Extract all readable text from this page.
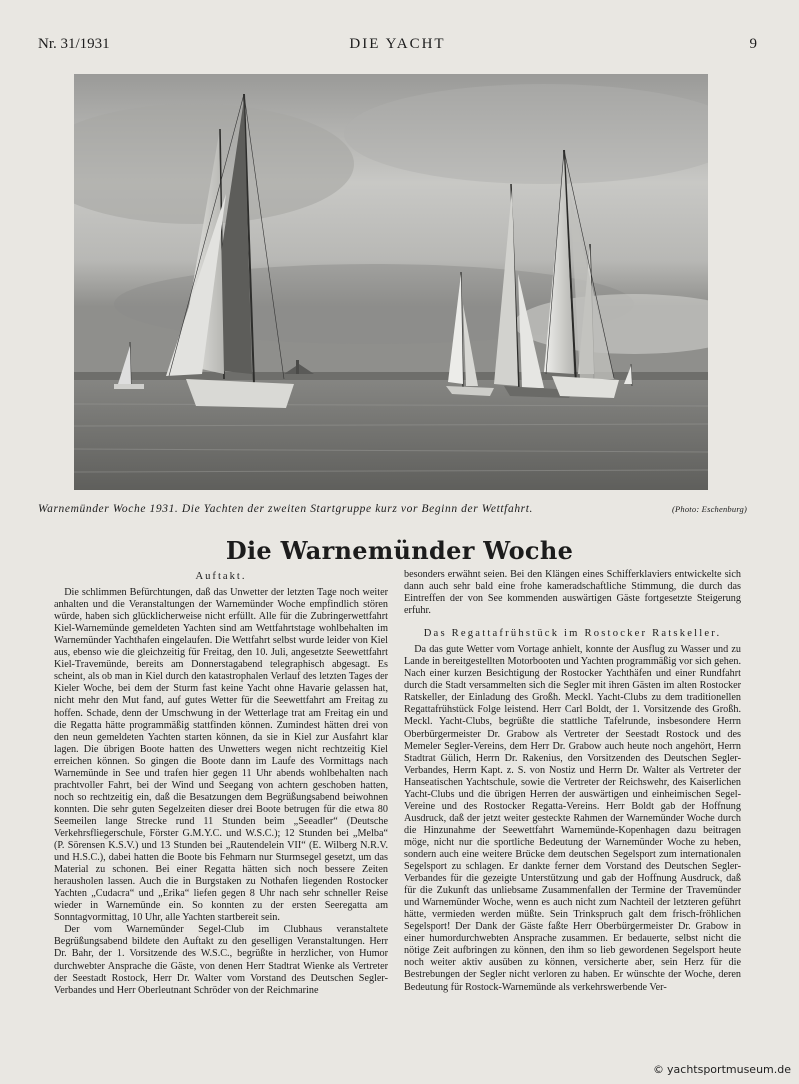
Nr. 31/1931	DIE YACHT	9
Warnemünder Woche 1931. Die Yachten der zweiten Startgruppe kurz vor Beginn der Wettfahrt.	(Photo: Eschenburg)
Die Warnemünder Woche
Auftakt.

Die schlimmen Befürchtungen, daß das Unwetter der letzten Tage noch weiter anhalten und die Veranstaltungen der Warnemünder Woche empfindlich stören würde, haben sich glücklicherweise nicht erfüllt. Alle für die Zubringerwettfahrt Kiel-Warnemünde gemeldeten Yachten sind am Wettfahrtstage wohlbehalten im Warnemünder Yachthafen eingelaufen. Die Wettfahrt selbst wurde leider von Kiel aus, ebenso wie die gleichzeitig für Freitag, den 10. Juli, angesetzte Seewettfahrt Kiel-Travemünde, bereits am Donnerstagabend telegraphisch abgesagt. Es scheint, als ob man in Kiel durch den katastrophalen Verlauf des letzten Tages der Kieler Woche, bei dem der Sturm fast keine Yacht ohne Havarie gelassen hat, nicht mehr den Mut fand, auf gutes Wetter für die Seewettfahrt am Freitag zu hoffen. Schade, denn der Umschwung in der Wetterlage trat am Freitag ein und die Regatta hätte programmäßig stattfinden können. Zumindest hätten drei von den neun gemeldeten Yachten starten können, da sie in Kiel zur Ausfahrt klar lagen. Die übrigen Boote hatten des Unwetters wegen nicht rechtzeitig Kiel erreichen können. So gingen die Boote dann im Laufe des Vormittags nach Warnemünde in See und trafen hier gegen 11 Uhr abends wohlbehalten nach prachtvoller Fahrt, bei der Wind und Seegang von achtern geschoben hatten, noch so rechtzeitig ein, daß die Besatzungen dem Begrüßungsabend beiwohnen konnten. Die sehr guten Segelzeiten dieser drei Boote betrugen für die etwa 80 Seemeilen lange Strecke rund 11 Stunden beim „Seeadler“ (Deutsche Verkehrsfliegerschule, Förster G.M.Y.C. und W.S.C.); 12 Stunden bei „Melba“ (P. Sörensen K.S.V.) und 13 Stunden bei „Rautendelein VII“ (E. Wilberg N.R.V. und H.S.C.), dabei hatten die Boote bis Fehmarn nur Sturmsegel gesetzt, um das Material zu schonen. Bei einer Regatta hätten sich noch bessere Zeiten herausholen lassen. Auch die in Burgstaken zu Nothafen liegenden Rostocker Yachten „Cudacra“ und „Erika“ liefen gegen 8 Uhr nach sehr schneller Reise wieder in Warnemünde ein. So konnten zu der ersten Seeregatta am Sonntagvormittag, 10 Uhr, alle Yachten startbereit sein.

Der vom Warnemünder Segel-Club im Clubhaus veranstaltete Begrüßungsabend bildete den Auftakt zu den geselligen Veranstaltungen. Herr Dr. Bahr, der 1. Vorsitzende des W.S.C., begrüßte in herzlicher, von Humor durchwebter Ansprache die Gäste, von denen Herr Stadtrat Wienke als Vertreter der Seestadt Rostock, Herr Dr. Walter vom Vorstand des Deutschen Segler-Verbandes und Herr Oberleutnant Schröder von der Reichmarine

besonders erwähnt seien. Bei den Klängen eines Schifferklaviers entwickelte sich dann auch sehr bald eine frohe kameradschaftliche Stimmung, die durch das Eintreffen der von See kommenden auswärtigen Gäste fortgesetzte Steigerung erfuhr.

Das Regattafrühstück im Rostocker Ratskeller.

Da das gute Wetter vom Vortage anhielt, konnte der Ausflug zu Wasser und zu Lande in bereitgestellten Motorbooten und Yachten programmäßig vor sich gehen. Nach einer kurzen Besichtigung der Rostocker Yachthäfen und einer Rundfahrt durch die Stadt versammelten sich die Segler mit ihren Gästen im alten Rostocker Ratskeller, der Einladung des Großh. Meckl. Yacht-Clubs zu dem traditionellen Regattafrühstück Folge leistend. Herr Carl Boldt, der 1. Vorsitzende des Großh. Meckl. Yacht-Clubs, begrüßte die stattliche Tafelrunde, insbesondere Herrn Oberbürgermeister Dr. Grabow als Vertreter der Seestadt Rostock und des Memeler Segler-Vereins, dem Herr Dr. Grabow auch heute noch angehört, Herrn Stadtrat Gülich, Herrn Dr. Rakenius, den Vorsitzenden des Deutschen Segler-Verbandes, Herrn Kapt. z. S. von Nostiz und Herrn Dr. Walter als Vertreter der Hanseatischen Yachtschule, sowie die Vertreter der Reichswehr, des Kaiserlichen Yacht-Clubs und die übrigen Herren der auswärtigen und einheimischen Segel-Vereine und des Rostocker Regatta-Vereins. Herr Boldt gab der Hoffnung Ausdruck, daß der jetzt weiter gesteckte Rahmen der Warnemünder Woche durch die Hinzunahme der Seewettfahrt Warnemünde-Kopenhagen dazu beitragen möge, nicht nur die sportliche Bedeutung der Warnemünder Woche zu heben, sondern auch eine weitere Brücke dem deutschen Segelsport zum internationalen Segelsport zu schlagen. Er dankte ferner dem Vorstand des Deutschen Segler-Verbandes für die gezeigte Unterstützung und gab der Hoffnung Ausdruck, daß für die Zukunft das unliebsame Zusammenfallen der Termine der Travemünder und Warnemünder Woche, wenn es auch nicht zum Nachteil der letzteren geführt hätte, vermieden werden müßte. Sein Trinkspruch galt dem frisch-fröhlichen Segelsport! Der Dank der Gäste faßte Herr Oberbürgermeister Dr. Grabow in einer humordurchwebten Ansprache zusammen. Er bedauerte, selbst nicht die nötige Zeit aufbringen zu können, den ihm so lieb gewordenen Segelsport heute noch weiter aktiv ausüben zu können, versicherte aber, sein Herz für die Bestrebungen der Segler nicht verloren zu haben. Er wünschte der Woche, deren Bedeutung für Rostock-Warnemünde als verkehrswerbende Ver-

© yachtsportmuseum.de
